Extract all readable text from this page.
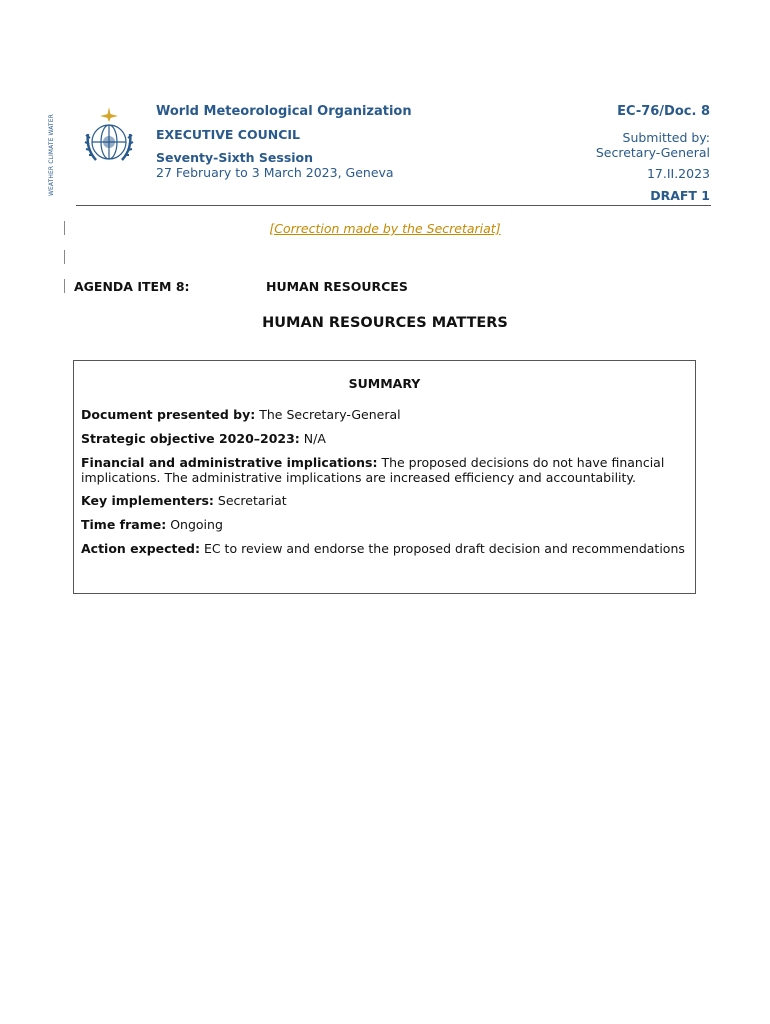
WEATHER CLIMATE WATER
World Meteorological Organization
EXECUTIVE COUNCIL
Seventy-Sixth Session
27 February to 3 March 2023, Geneva
EC-76/Doc. 8
Submitted by:
Secretary-General
17.II.2023
DRAFT 1
[Correction made by the Secretariat]
AGENDA ITEM 8:	HUMAN RESOURCES
HUMAN RESOURCES MATTERS
SUMMARY
Document presented by: The Secretary-General
Strategic objective 2020–2023: N/A
Financial and administrative implications: The proposed decisions do not have financial implications. The administrative implications are increased efficiency and accountability.
Key implementers: Secretariat
Time frame: Ongoing
Action expected: EC to review and endorse the proposed draft decision and recommendations
